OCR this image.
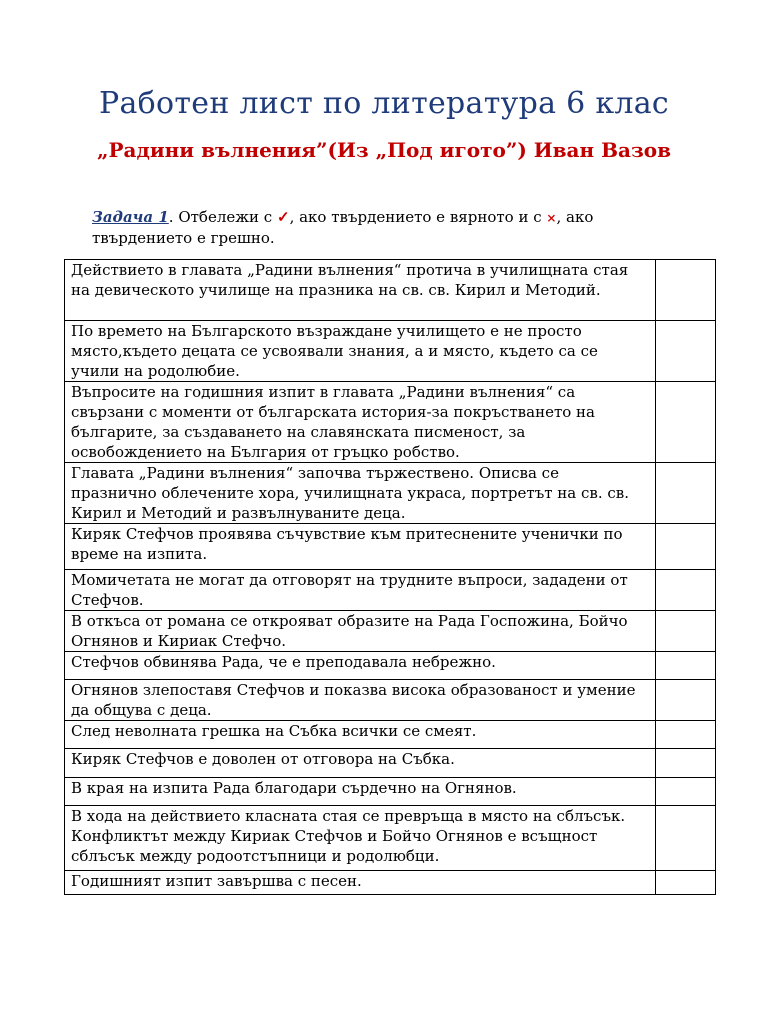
Работен лист по литература 6 клас
„Радини вълнения”(Из „Под игото”) Иван Вазов
Задача 1. Отбележи с ✓, ако твърдението е вярното и с ×, ако твърдението е грешно.
Действието в главата „Радини вълнения“ протича в училищната стая на девическото училище на празника на св. св. Кирил и Методий.	

По времето на Българското възраждане училището е не просто място,където децата се усвоявали знания, а и място, където са се учили на родолюбие.	

Въпросите на годишния изпит в главата „Радини вълнения“ са свързани с моменти от българската история-за покръстването на българите, за създаването на славянската писменост, за освобождението на България от гръцко робство.	

Главата „Радини вълнения“ започва тържествено. Описва се празнично облечените хора, училищната украса, портретът на св. св. Кирил и Методий и развълнуваните деца.	

Киряк Стефчов проявява съчувствие към притеснените ученички по време на изпита.	

Момичетата не могат да отговорят на трудните въпроси, зададени от Стефчов.	

В откъса от романа се открояват образите на Рада Госпожина, Бойчо Огнянов и Кириак Стефчо.	

Стефчов обвинява Рада, че е преподавала небрежно.	

Огнянов злепоставя Стефчов и показва висока образованост и умение да общува с деца.	

След неволната грешка на Събка всички се смеят.	

Киряк Стефчов е доволен от отговора на Събка.	

В края на изпита Рада благодари сърдечно на Огнянов.	

В хода на действието класната стая се превръща в място на сблъсък. Конфликтът между Кириак Стефчов и Бойчо Огнянов е всъщност сблъсък между родоотстъпници и родолюбци.	

Годишният изпит завършва с песен.	
